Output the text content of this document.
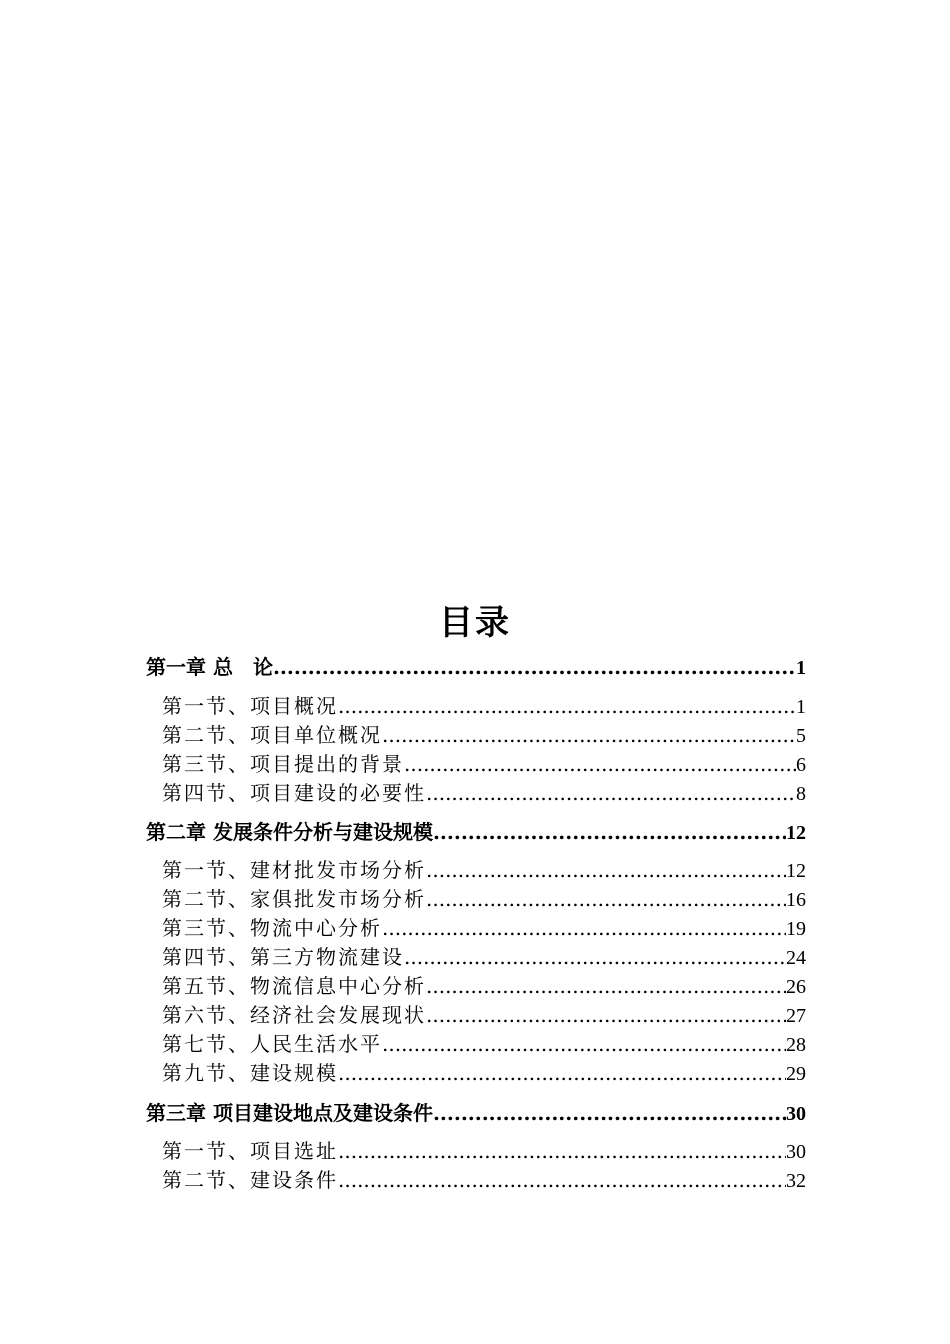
目录
第一章 总　论 .....	1
第一节、项目概况 .....	1
第二节、项目单位概况 .....	5
第三节、项目提出的背景 .....	6
第四节、项目建设的必要性 .....	8
第二章 发展条件分析与建设规模 .....	12
第一节、建材批发市场分析 .....	12
第二节、家俱批发市场分析 .....	16
第三节、物流中心分析 .....	19
第四节、第三方物流建设 .....	24
第五节、物流信息中心分析 .....	26
第六节、经济社会发展现状 .....	27
第七节、人民生活水平 .....	28
第九节、建设规模 .....	29
第三章 项目建设地点及建设条件 .....	30
第一节、项目选址 .....	30
第二节、建设条件 .....	32
